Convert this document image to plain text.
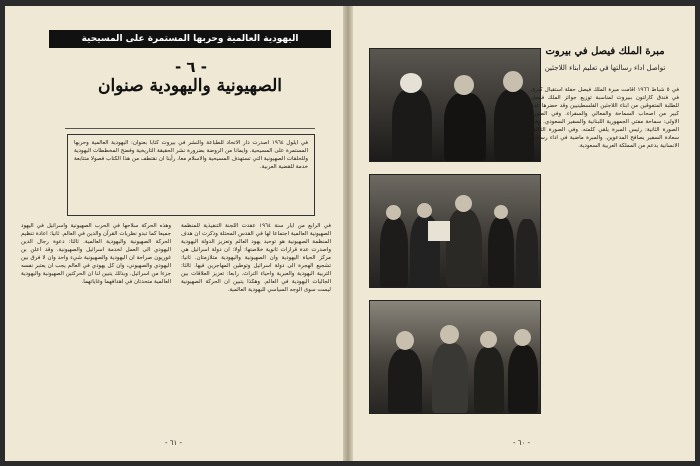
اليهودية العالمية وحربها المستمرة على المسيحية
- ٦ -
الصهيونية واليهودية صنوان
في ايلول ١٩٦٤ اصدرت دار الاتحاد للطباعة والنشر في بيروت كتابا بعنوان: اليهودية العالمية وحربها المستمرة على المسيحية. وايمانا من الروضة بضرورة نشر الحقيقة التاريخية وفضح المخططات اليهودية وللحلقات الصهيونية التي تستهدف المسيحية والاسلام معا، رأينا ان نقتطف من هذا الكتاب فصولا متتابعة خدمة للقضية العربية.
في الرابع من ايار سنة ١٩٦٤ عقدت اللجنة التنفيذية للمنظمة الصهيونية العالمية اجتماعا لها في القدس المحتلة وذكرت ان هدف المنظمة الصهيونية هو توحيد يهود العالم وتعزيز الدولة اليهودية واصدرت عدة قرارات ثانوية خلاصتها: أولا: ان دولة اسرائيل هي مركز الحياة اليهودية وان الصهيونية واليهودية متلازمتان. ثانيا: تشجيع الهجرة الى دولة اسرائيل وتوطين المهاجرين فيها. ثالثا: التربية اليهودية والعبرية واحياء التراث. رابعا: تعزيز العلاقات بين الجاليات اليهودية في العالم. وهكذا يتبين ان الحركة الصهيونية ليست سوى الوجه السياسي لليهودية العالمية.
وهذه الحركة سلاحها في الحرب الصهيونية واسرائيل في اليهود جميعا كما تبدو نظريات القرآن والدين في العالم. ثانيا: اعادة تنظيم الحركة الصهيونية واليهودية العالمية. ثالثا: دعوة رجال الدين اليهودي الى العمل لخدمة اسرائيل والصهيونية. وقد اعلن بن غوريون صراحة ان اليهودية والصهيونية شيء واحد وان لا فرق بين اليهودي والصهيوني، وان كل يهودي في العالم يجب ان يعتبر نفسه جزءا من اسرائيل. وبذلك يتبين لنا ان الحركتين الصهيونية واليهودية العالمية متحدتان في اهدافهما وغاياتهما.
- ٦١ -
مبرة الملك فيصل في بيروت
تواصل اداء رسالتها في تعليم ابناء اللاجئين
في ٥ شباط ١٩٦٦ اقامت مبرة الملك فيصل حفلة استقبال كبرى في فندق كارلتون ببيروت لمناسبة توزيع جوائز الملك فيصل للطلبة المتفوقين من ابناء اللاجئين الفلسطينيين وقد حضرها عدد كبير من اصحاب السماحة والمعالي والسفراء. وفي الصورة الاولى: سماحة مفتي الجمهورية اللبنانية والسفير السعودي. وفي الصورة الثانية: رئيس المبرة يلقي كلمته. وفي الصورة الثالثة: سعادة السفير يصافح المدعوين. والمبرة ماضية في اداء رسالتها الانسانية بدعم من المملكة العربية السعودية.
- ٦٠ -
